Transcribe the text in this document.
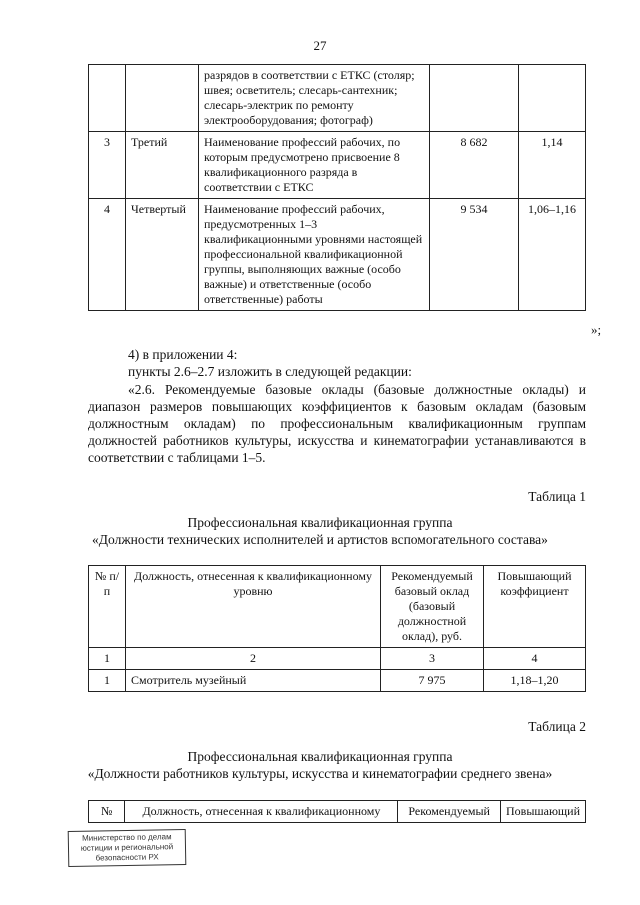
27
		разрядов в соответствии с ЕТКС (столяр; швея; осветитель; слесарь-сантехник; слесарь-электрик по ремонту электрооборудования; фотограф)		
3	Третий	Наименование профессий рабочих, по которым предусмотрено присвоение 8 квалификационного разряда в соответствии с ЕТКС	8 682	1,14
4	Четвертый	Наименование профессий рабочих, предусмотренных 1–3 квалификационными уровнями настоящей профессиональной квалификационной группы, выполняющих важные (особо важные) и ответственные (особо ответственные) работы	9 534	1,06–1,16
»;
4) в приложении 4:
пункты 2.6–2.7 изложить в следующей редакции:
«2.6. Рекомендуемые базовые оклады (базовые должностные оклады) и диапазон размеров повышающих коэффициентов к базовым окладам (базовым должностным окладам) по профессиональным квалификационным группам должностей работников культуры, искусства и кинематографии устанавливаются в соответствии с таблицами 1–5.
Таблица 1
Профессиональная квалификационная группа
«Должности технических исполнителей и артистов вспомогательного состава»
№ п/п	Должность, отнесенная к квалификационному уровню	Рекомендуемый базовый оклад (базовый должностной оклад), руб.	Повышающий коэффициент
1	2	3	4
1	Смотритель музейный	7 975	1,18–1,20
Таблица 2
Профессиональная квалификационная группа
«Должности работников культуры, искусства и кинематографии среднего звена»
№	Должность, отнесенная к квалификационному	Рекомендуемый	Повышающий
Министерство по делам
юстиции и региональной
безопасности РХ
